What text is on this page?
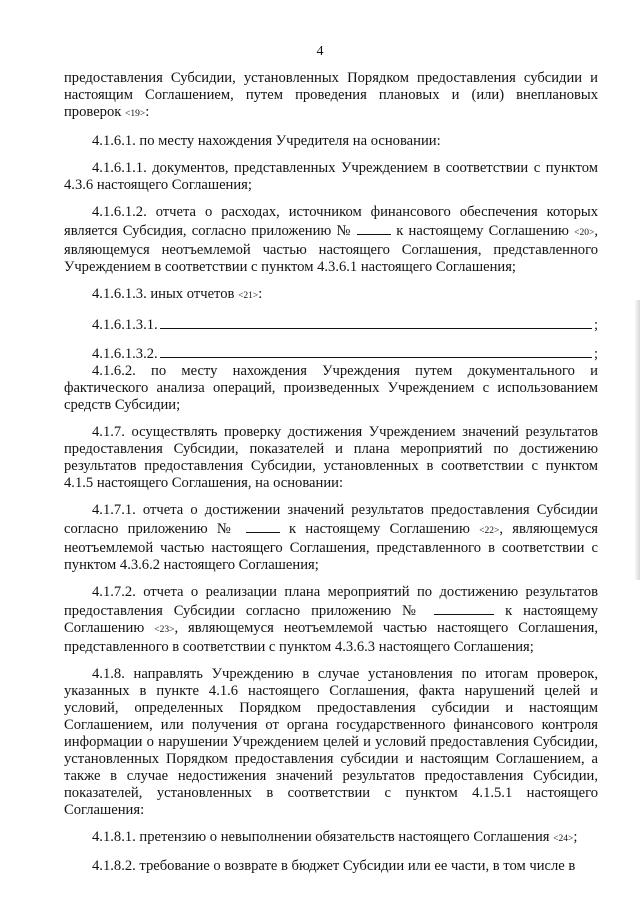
4

предоставления Субсидии, установленных Порядком предоставления субсидии и настоящим Соглашением, путем проведения плановых и (или) внеплановых проверок <19>:

4.1.6.1. по месту нахождения Учредителя на основании:

4.1.6.1.1. документов, представленных Учреждением в соответствии с пунктом 4.3.6 настоящего Соглашения;

4.1.6.1.2. отчета о расходах, источником финансового обеспечения которых является Субсидия, согласно приложению №	к настоящему Соглашению <20>, являющемуся неотъемлемой частью настоящего Соглашения, представленного Учреждением в соответствии с пунктом 4.3.6.1 настоящего Соглашения;

4.1.6.1.3. иных отчетов <21>:

4.1.6.1.3.1.	;

4.1.6.1.3.2.	;

4.1.6.2. по месту нахождения Учреждения путем документального и фактического анализа операций, произведенных Учреждением с использованием средств Субсидии;

4.1.7. осуществлять проверку достижения Учреждением значений результатов предоставления Субсидии, показателей и плана мероприятий по достижению результатов предоставления Субсидии, установленных в соответствии с пунктом 4.1.5 настоящего Соглашения, на основании:

4.1.7.1. отчета о достижении значений результатов предоставления Субсидии согласно приложению №	к настоящему Соглашению <22>, являющемуся неотъемлемой частью настоящего Соглашения, представленного в соответствии с пунктом 4.3.6.2 настоящего Соглашения;

4.1.7.2. отчета о реализации плана мероприятий по достижению результатов предоставления Субсидии согласно приложению №	к настоящему Соглашению <23>, являющемуся неотъемлемой частью настоящего Соглашения, представленного в соответствии с пунктом 4.3.6.3 настоящего Соглашения;

4.1.8. направлять Учреждению в случае установления по итогам проверок, указанных в пункте 4.1.6 настоящего Соглашения, факта нарушений целей и условий, определенных Порядком предоставления субсидии и настоящим Соглашением, или получения от органа государственного финансового контроля информации о нарушении Учреждением целей и условий предоставления Субсидии, установленных Порядком предоставления субсидии и настоящим Соглашением, а также в случае недостижения значений результатов предоставления Субсидии, показателей, установленных в соответствии с пунктом 4.1.5.1 настоящего Соглашения:

4.1.8.1. претензию о невыполнении обязательств настоящего Соглашения <24>;

4.1.8.2. требование о возврате в бюджет Субсидии или ее части, в том числе в
